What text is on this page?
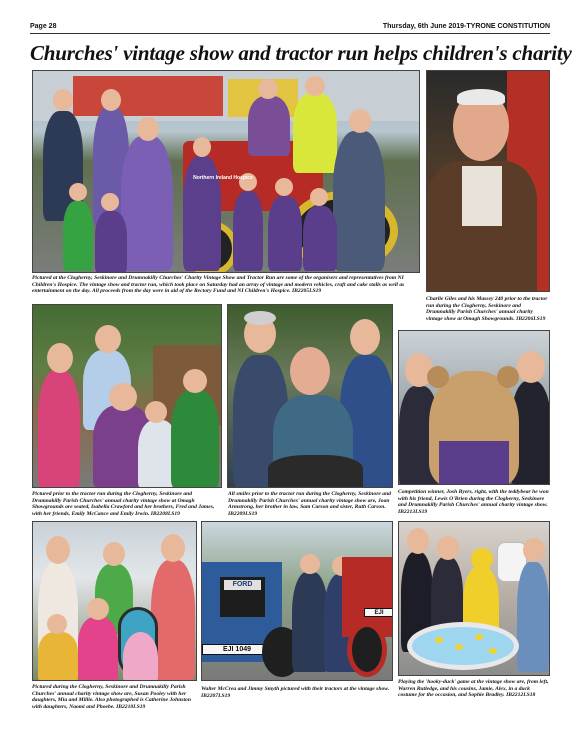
Page 28	Thursday, 6th June 2019-TYRONE CONSTITUTION
Churches' vintage show and tractor run helps children's charity
Northern Ireland Hospice
Pictured at the Clogherny, Seskinore and Drumnakilly Churches' Charity Vintage Show and Tractor Run are some of the organisers and representatives from NI Children's Hospice. The vintage show and tractor run, which took place on Saturday had an array of vintage and modern vehicles, craft and cake stalls as well as entertainment on the day. All proceeds from the day were in aid of the Rectory Fund and NI Children's Hospice. IB2205LS19
Charlie Giles and his Massey 240 prior to the tractor run during the Clogherny, Seskinore and Drumnakilly Parish Churches' annual charity vintage show at Omagh Showgrounds. IB2206LS19
Pictured prior to the tractor run during the Clogherny, Seskinore and Drumnakilly Parish Churches' annual charity vintage show at Omagh Showgrounds are seated, Isabella Crawford and her brothers, Fred and James, with her friends, Emily McCance and Emily Irwin. IB2208LS19
All smiles prior to the tractor run during the Clogherny, Seskinore and Drumnakilly Parish Churches' annual charity vintage show are, Joan Armstrong, her brother in law, Sam Carson and sister, Ruth Carson. IB2209LS19
Competition winner, Josh Byers, right, with the teddybear he won with his friend, Lewis O'Brien during the Clogherny, Seskinore and Drumnakilly Parish Churches' annual charity vintage show. IB2213LS19
Pictured during the Clogherny, Seskinore and Drumnakilly Parish Churches' annual charity vintage show are, Susan Pooley with her daughters, Mia and Millie. Also photographed is Catherine Johnston with daughters, Naomi and Phoebe. IB2210LS19
FORD
EJI 1049
EJI
Walter McCrea and Jimmy Smyth pictured with their tractors at the vintage show. IB2207LS19
Playing the 'hooky-duck' game at the vintage show are, from left, Warren Rutledge, and his cousins, Jamie, Alex, in a duck costume for the occasion, and Sophie Bradley. IB2212LS18
